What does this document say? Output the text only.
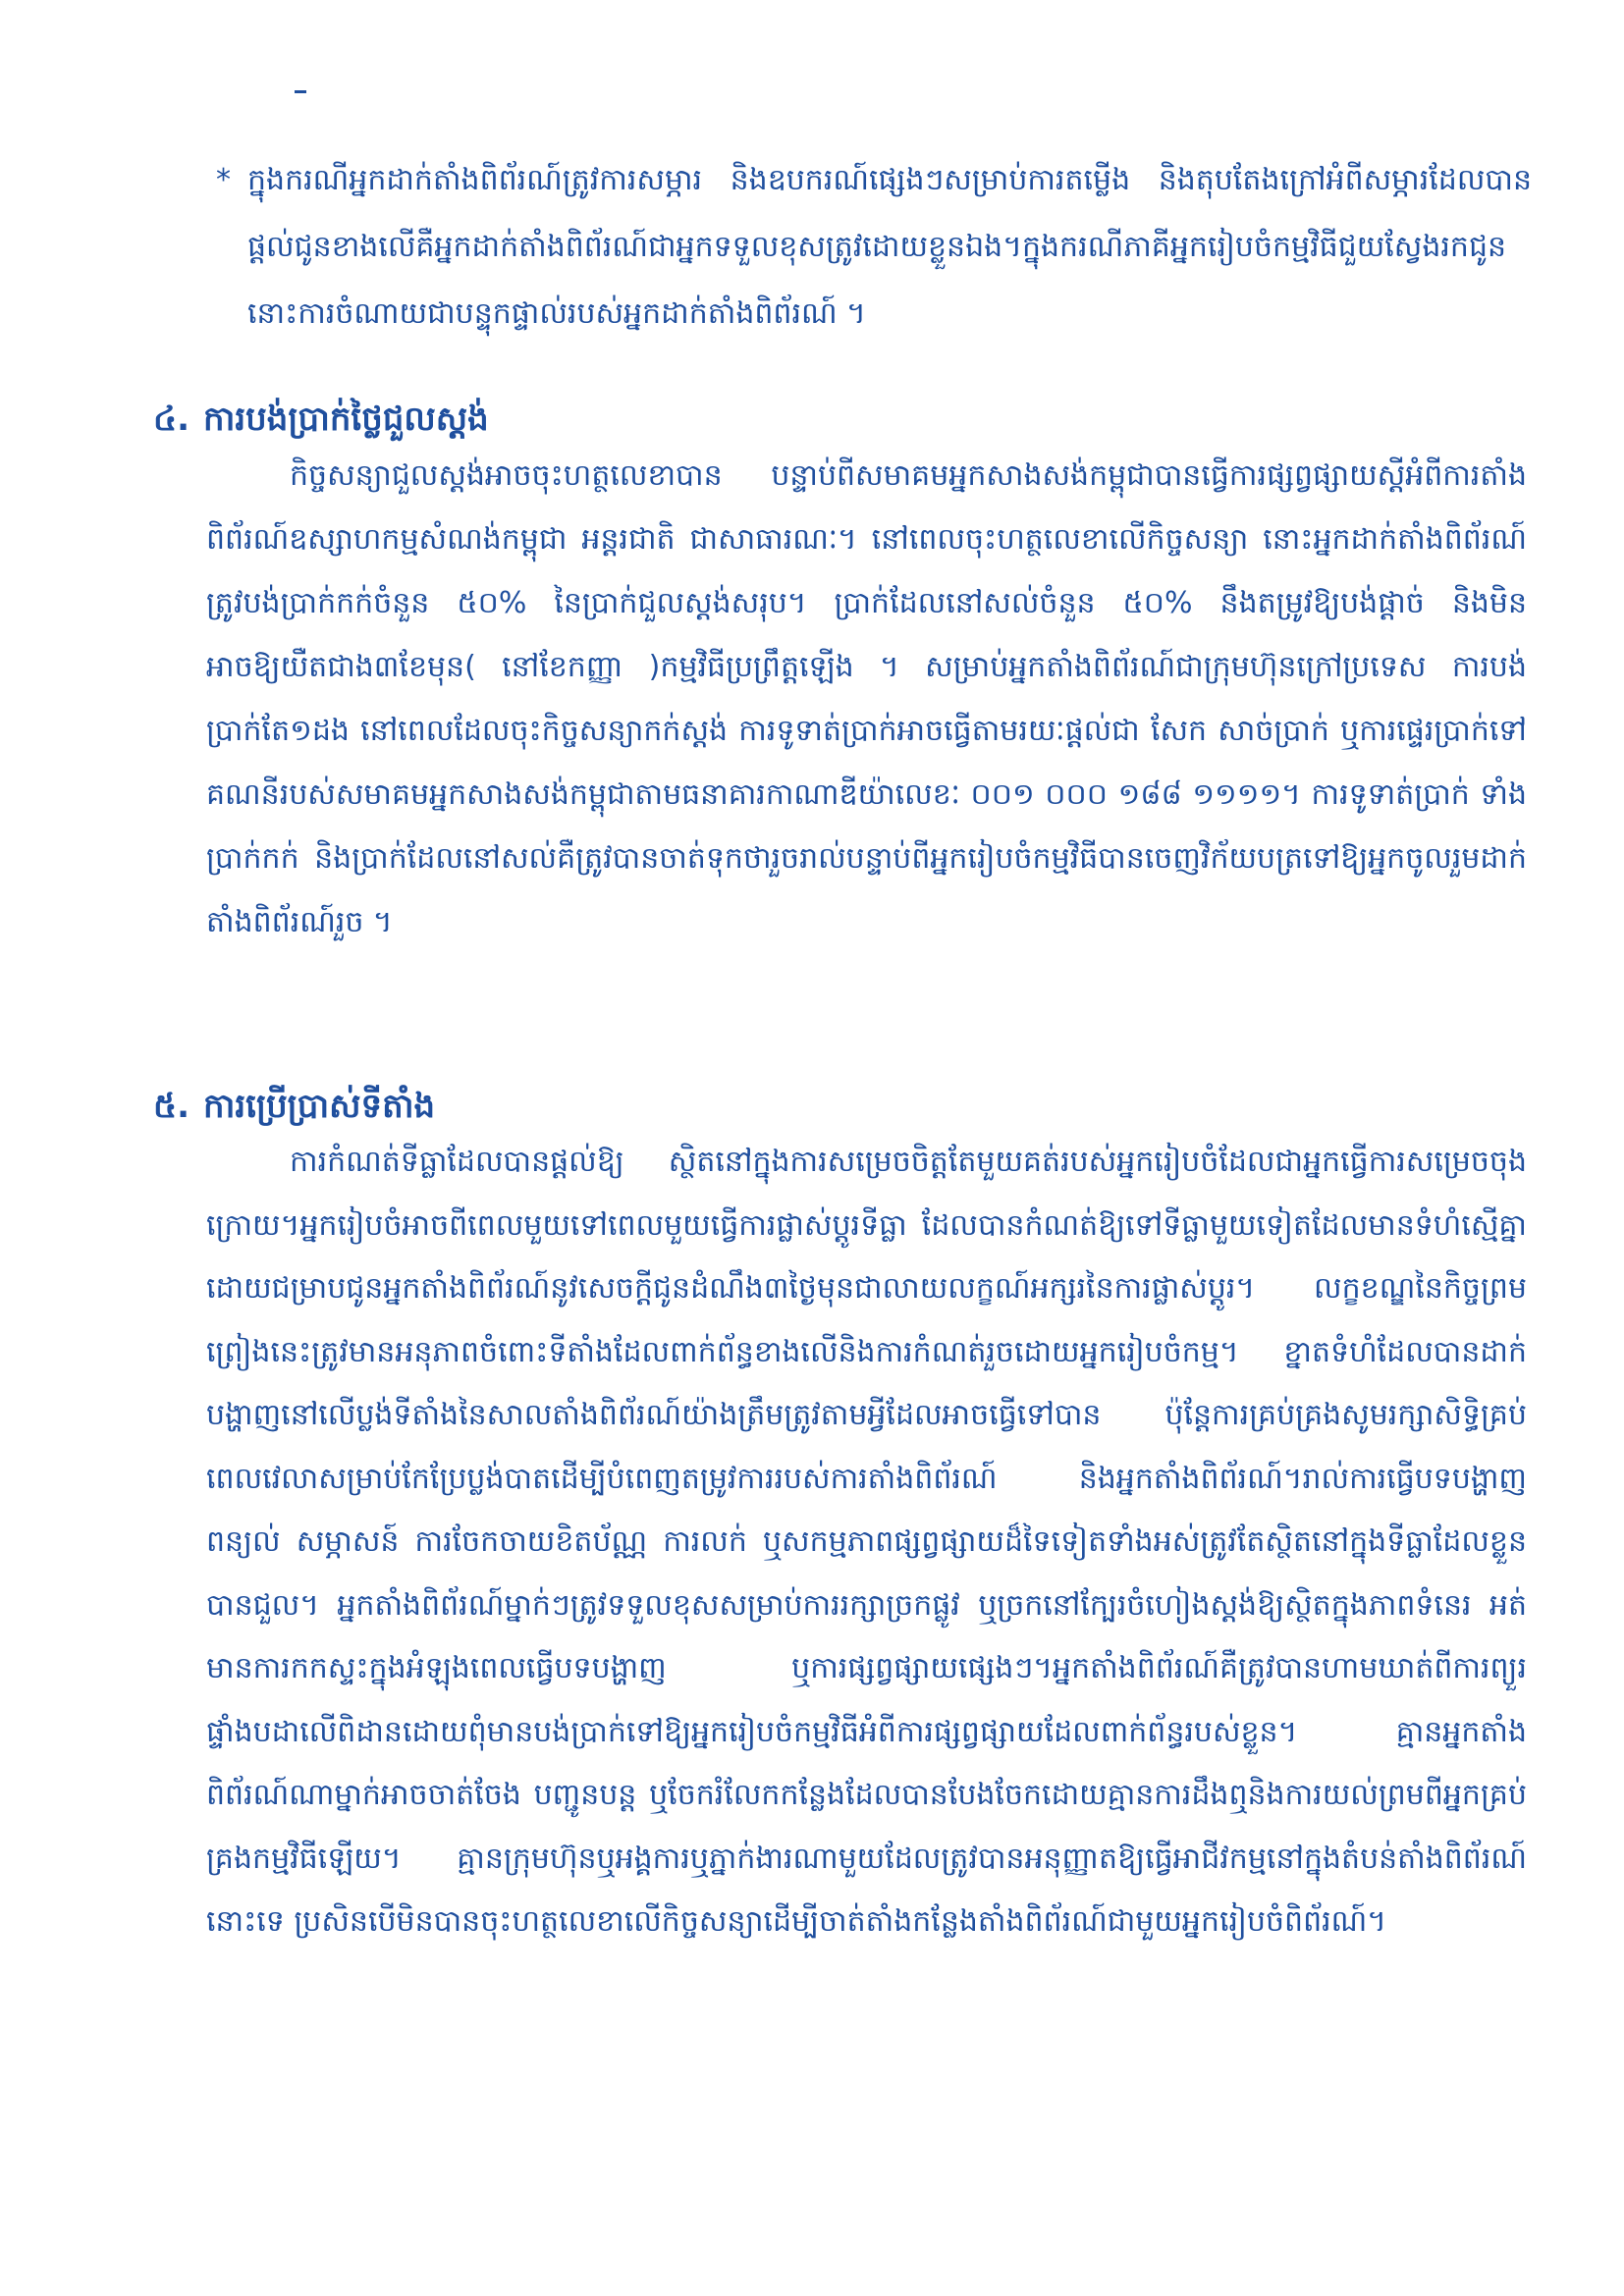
* ក្នុងករណីអ្នកដាក់តាំងពិព័រណ៍ត្រូវការសម្ភារ និងឧបករណ៍ផ្សេងៗសម្រាប់ការតម្លើង និងតុបតែងក្រៅអំពីសម្ភារដែលបានផ្តល់ជូនខាងលើគឺអ្នកដាក់តាំងពិព័រណ៍ជាអ្នកទទួលខុសត្រូវដោយខ្លួនឯង។ក្នុងករណីភាគីអ្នករៀបចំកម្មវិធីជួយស្វែងរកជូន នោះការចំណាយជាបន្ទុកផ្ទាល់របស់អ្នកដាក់តាំងពិព័រណ៍ ។
៤. ការបង់ប្រាក់ថ្លៃជួលស្តង់
កិច្ចសន្យាជួលស្តង់អាចចុះហត្ថលេខាបាន បន្ទាប់ពីសមាគមអ្នកសាងសង់កម្ពុជាបានធ្វើការផ្សព្វផ្សាយស្តីអំពីការតាំងពិព័រណ៍ឧស្សាហកម្មសំណង់កម្ពុជា អន្តរជាតិ ជាសាធារណៈ។ នៅពេលចុះហត្ថលេខាលើកិច្ចសន្យា នោះអ្នកដាក់តាំងពិព័រណ៍ត្រូវបង់ប្រាក់កក់ចំនួន ៥០% នៃប្រាក់ជួលស្តង់សរុប។ ប្រាក់ដែលនៅសល់ចំនួន ៥០% នឹងតម្រូវឱ្យបង់ផ្តាច់ និងមិនអាចឱ្យយឺតជាង៣ខែមុន( នៅខែកញ្ញា )កម្មវិធីប្រព្រឹត្តឡើង ។ សម្រាប់អ្នកតាំងពិព័រណ៍ជាក្រុមហ៊ុនក្រៅប្រទេស ការបង់ប្រាក់តែ១ដង នៅពេលដែលចុះកិច្ចសន្យាកក់ស្តង់ ការទូទាត់ប្រាក់អាចធ្វើតាមរយៈផ្តល់ជា សែក សាច់ប្រាក់ ឬការផ្ទេរប្រាក់ទៅគណនីរបស់សមាគមអ្នកសាងសង់កម្ពុជាតាមធនាគារកាណាឌីយ៉ាលេខៈ ០០១ ០០០ ១៨៨ ១១១១។ ការទូទាត់ប្រាក់ ទាំងប្រាក់កក់ និងប្រាក់ដែលនៅសល់គឺត្រូវបានចាត់ទុកថារួចរាល់បន្ទាប់ពីអ្នករៀបចំកម្មវិធីបានចេញវិក័យបត្រទៅឱ្យអ្នកចូលរួមដាក់តាំងពិព័រណ៍រួច ។
៥. ការប្រើប្រាស់ទីតាំង
ការកំណត់ទីធ្លាដែលបានផ្តល់ឱ្យ ស្ថិតនៅក្នុងការសម្រេចចិត្តតែមួយគត់របស់អ្នករៀបចំដែលជាអ្នកធ្វើការសម្រេចចុងក្រោយ។អ្នករៀបចំអាចពីពេលមួយទៅពេលមួយធ្វើការផ្លាស់ប្តូរទីធ្លា ដែលបានកំណត់ឱ្យទៅទីធ្លាមួយទៀតដែលមានទំហំស្មើគ្នាដោយជម្រាបជូនអ្នកតាំងពិព័រណ៍នូវសេចក្តីជូនដំណឹង៣ថ្ងៃមុនជាលាយលក្ខណ៍អក្សរនៃការផ្លាស់ប្តូរ។ លក្ខខណ្ឌនៃកិច្ចព្រមព្រៀងនេះត្រូវមានអនុភាពចំពោះទីតាំងដែលពាក់ព័ន្ធខាងលើនិងការកំណត់រួចដោយអ្នករៀបចំកម្ម។ ខ្នាតទំហំដែលបានដាក់បង្ហាញនៅលើប្លង់ទីតាំងនៃសាលតាំងពិព័រណ៍យ៉ាងត្រឹមត្រូវតាមអ្វីដែលអាចធ្វើទៅបាន ប៉ុន្តែការគ្រប់គ្រងសូមរក្សាសិទ្ធិគ្រប់ពេលវេលាសម្រាប់កែប្រែប្លង់បាតដើម្បីបំពេញតម្រូវការរបស់ការតាំងពិព័រណ៍ និងអ្នកតាំងពិព័រណ៍។រាល់ការធ្វើបទបង្ហាញពន្យល់ សម្ភាសន៍ ការចែកចាយខិតប័ណ្ណ ការលក់ ឬសកម្មភាពផ្សព្វផ្សាយដ៏ទៃទៀតទាំងអស់ត្រូវតែស្ថិតនៅក្នុងទីធ្លាដែលខ្លួនបានជួល។ អ្នកតាំងពិព័រណ៍ម្នាក់ៗត្រូវទទួលខុសសម្រាប់ការរក្សាច្រកផ្លូវ ឬច្រកនៅក្បែរចំហៀងស្តង់ឱ្យស្ថិតក្នុងភាពទំនេរ អត់មានការកកស្ទះក្នុងអំឡុងពេលធ្វើបទបង្ហាញ ឬការផ្សព្វផ្សាយផ្សេងៗ។អ្នកតាំងពិព័រណ៍គឺត្រូវបានហាមឃាត់ពីការព្យួរផ្ទាំងបដាលើពិដានដោយពុំមានបង់ប្រាក់ទៅឱ្យអ្នករៀបចំកម្មវិធីអំពីការផ្សព្វផ្សាយដែលពាក់ព័ន្ធរបស់ខ្លួន។ គ្មានអ្នកតាំងពិព័រណ៍ណាម្នាក់អាចចាត់ចែង បញ្ជូនបន្ត ឬចែករំលែកកន្លែងដែលបានបែងចែកដោយគ្មានការដឹងឮនិងការយល់ព្រមពីអ្នកគ្រប់គ្រងកម្មវិធីឡើយ។ គ្មានក្រុមហ៊ុនឬអង្គការឬភ្នាក់ងារណាមួយដែលត្រូវបានអនុញ្ញាតឱ្យធ្វើអាជីវកម្មនៅក្នុងតំបន់តាំងពិព័រណ៍នោះទេ ប្រសិនបើមិនបានចុះហត្ថលេខាលើកិច្ចសន្យាដើម្បីចាត់តាំងកន្លែងតាំងពិព័រណ៍ជាមួយអ្នករៀបចំពិព័រណ៍។
